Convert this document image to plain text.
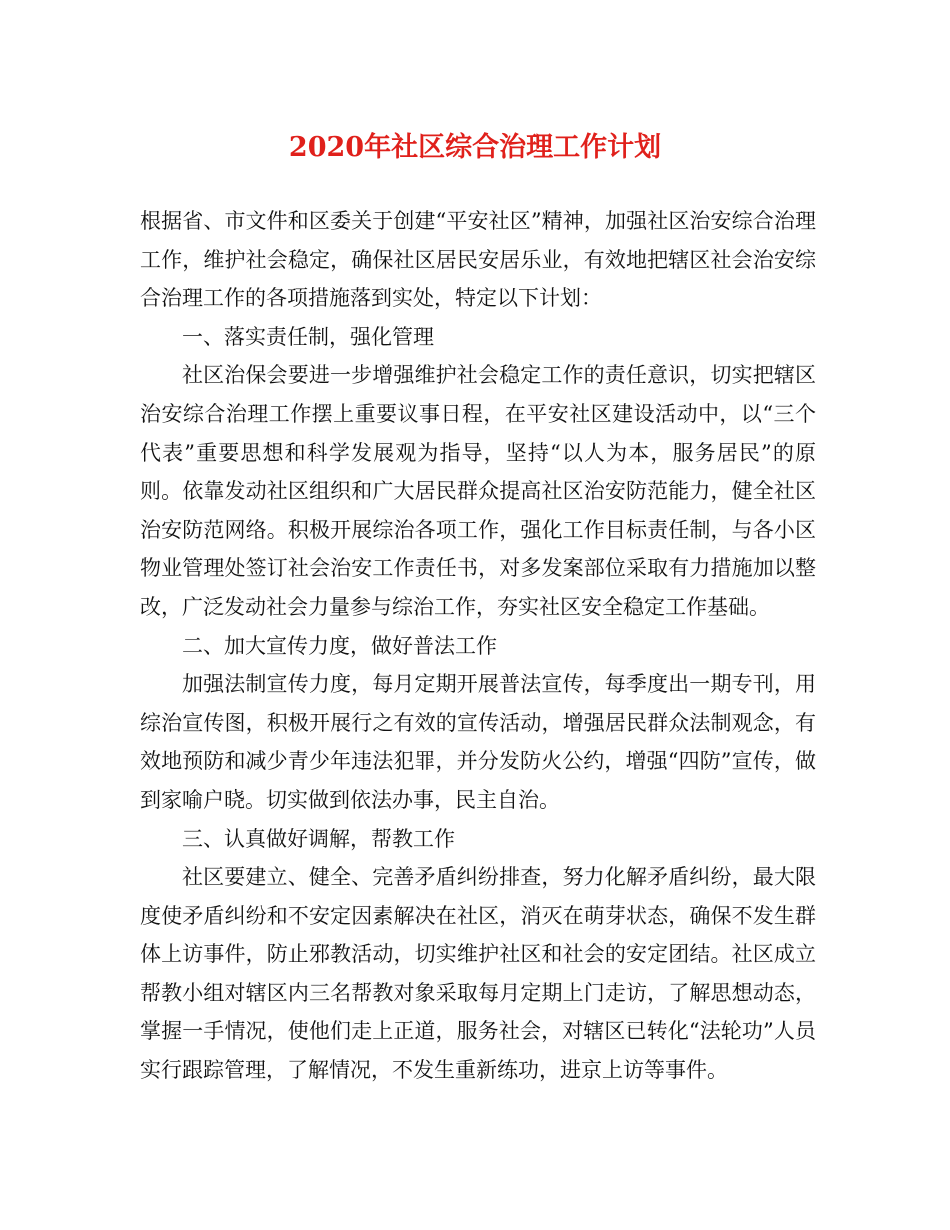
2020年社区综合治理工作计划

根据省、市文件和区委关于创建“平安社区”精神，加强社区治安综合治理工作，维护社会稳定，确保社区居民安居乐业，有效地把辖区社会治安综合治理工作的各项措施落到实处，特定以下计划：

一、落实责任制，强化管理

社区治保会要进一步增强维护社会稳定工作的责任意识，切实把辖区治安综合治理工作摆上重要议事日程，在平安社区建设活动中，以“三个代表”重要思想和科学发展观为指导，坚持“以人为本，服务居民”的原则。依靠发动社区组织和广大居民群众提高社区治安防范能力，健全社区治安防范网络。积极开展综治各项工作，强化工作目标责任制，与各小区物业管理处签订社会治安工作责任书，对多发案部位采取有力措施加以整改，广泛发动社会力量参与综治工作，夯实社区安全稳定工作基础。

二、加大宣传力度，做好普法工作

加强法制宣传力度，每月定期开展普法宣传，每季度出一期专刊，用综治宣传图，积极开展行之有效的宣传活动，增强居民群众法制观念，有效地预防和减少青少年违法犯罪，并分发防火公约，增强“四防”宣传，做到家喻户晓。切实做到依法办事，民主自治。

三、认真做好调解，帮教工作

社区要建立、健全、完善矛盾纠纷排查，努力化解矛盾纠纷，最大限度使矛盾纠纷和不安定因素解决在社区，消灭在萌芽状态，确保不发生群体上访事件，防止邪教活动，切实维护社区和社会的安定团结。社区成立帮教小组对辖区内三名帮教对象采取每月定期上门走访，了解思想动态，掌握一手情况，使他们走上正道，服务社会，对辖区已转化“法轮功”人员实行跟踪管理，了解情况，不发生重新练功，进京上访等事件。
